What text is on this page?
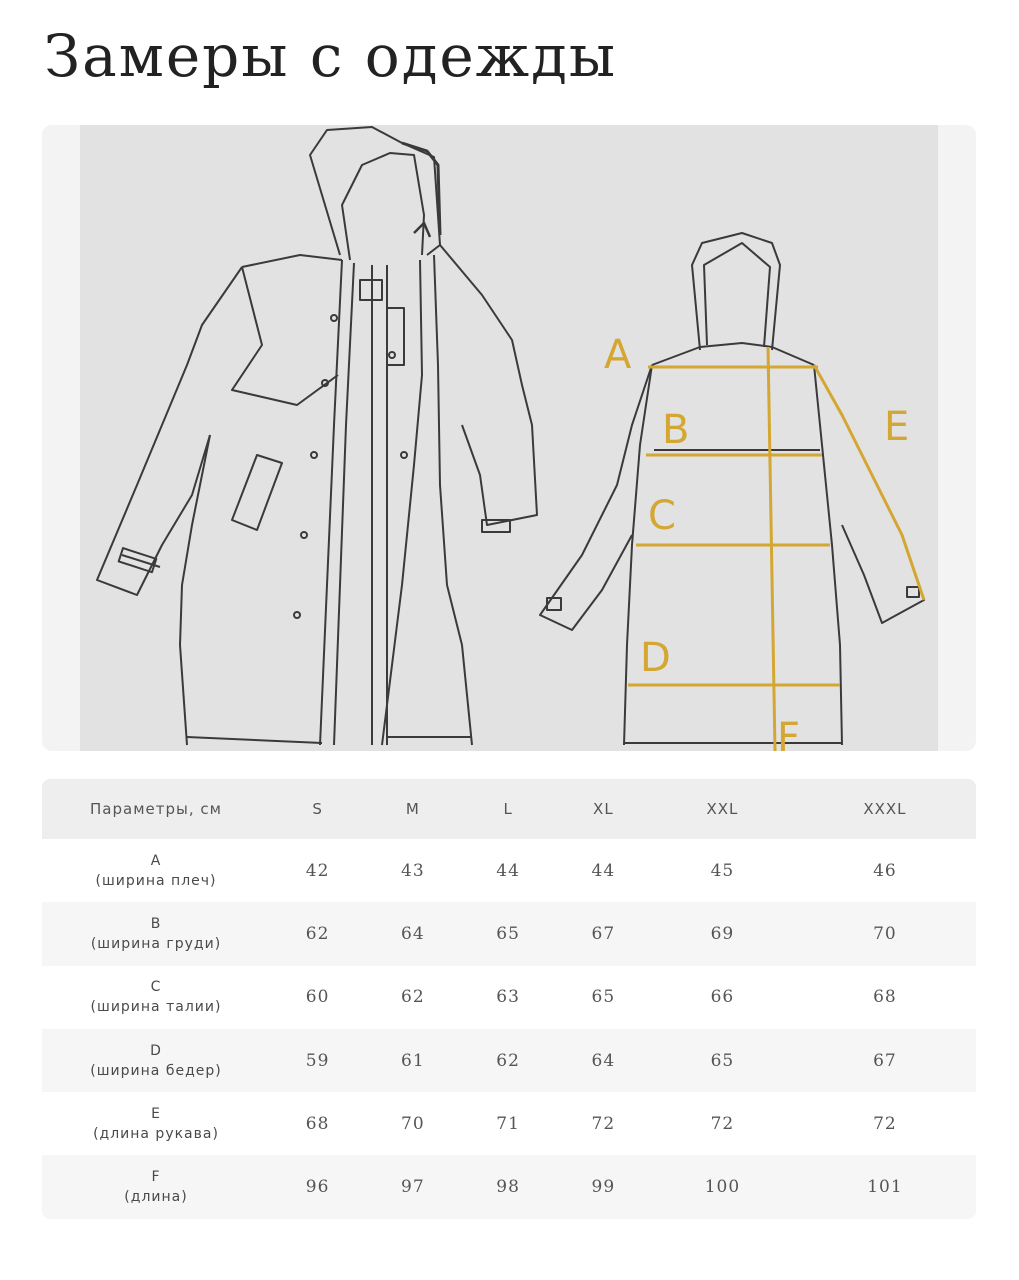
Замеры с одежды
A
B
C
D
E
F
Параметры, см	S	M	L	XL	XXL	XXXL

A
(ширина плеч)	42	43	44	44	45	46

B
(ширина груди)	62	64	65	67	69	70

C
(ширина талии)	60	62	63	65	66	68

D
(ширина бедер)	59	61	62	64	65	67

E
(длина рукава)	68	70	71	72	72	72

F
(длина)	96	97	98	99	100	101
